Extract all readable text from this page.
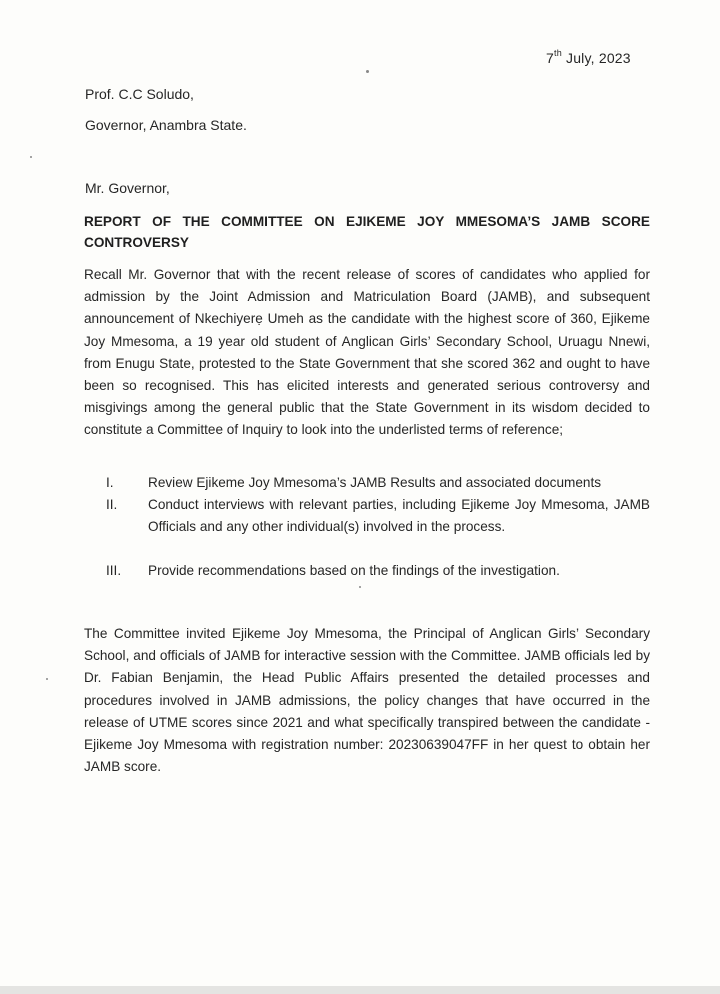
7th July, 2023
Prof. C.C Soludo,
Governor, Anambra State.
Mr. Governor,
REPORT OF THE COMMITTEE ON EJIKEME JOY MMESOMA’S JAMB SCORE CONTROVERSY
Recall Mr. Governor that with the recent release of scores of candidates who applied for admission by the Joint Admission and Matriculation Board (JAMB), and subsequent announcement of Nkechiyerẹ Umeh as the candidate with the highest score of 360, Ejikeme Joy Mmesoma, a 19 year old student of Anglican Girls’ Secondary School, Uruagu Nnewi, from Enugu State, protested to the State Government that she scored 362 and ought to have been so recognised. This has elicited interests and generated serious controversy and misgivings among the general public that the State Government in its wisdom decided to constitute a Committee of Inquiry to look into the underlisted terms of reference;
I.	Review Ejikeme Joy Mmesoma’s JAMB Results and associated documents
II. Conduct interviews with relevant parties, including Ejikeme Joy Mmesoma, JAMB Officials and any other individual(s) involved in the process.
III. Provide recommendations based on the findings of the investigation.
The Committee invited Ejikeme Joy Mmesoma, the Principal of Anglican Girls’ Secondary School, and officials of JAMB for interactive session with the Committee. JAMB officials led by Dr. Fabian Benjamin, the Head Public Affairs presented the detailed processes and procedures involved in JAMB admissions, the policy changes that have occurred in the release of UTME scores since 2021 and what specifically transpired between the candidate - Ejikeme Joy Mmesoma with registration number: 20230639047FF in her quest to obtain her JAMB score.
